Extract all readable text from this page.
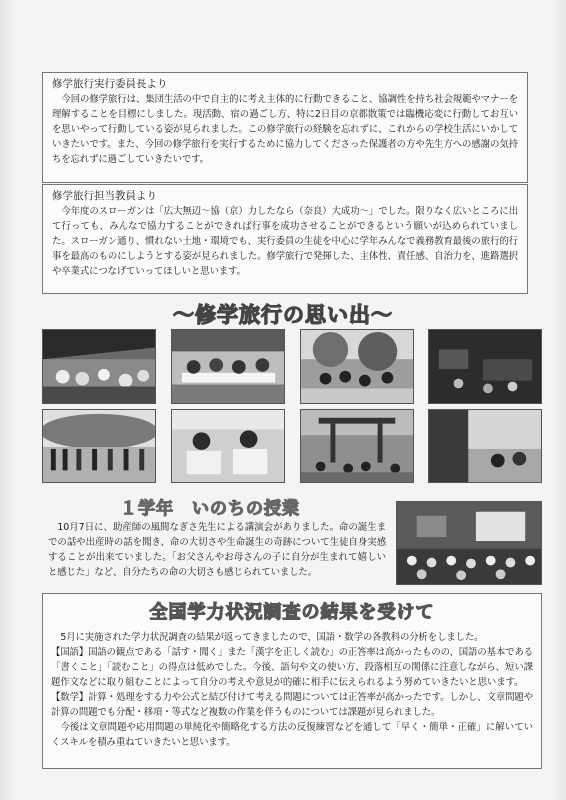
修学旅行実行委員長より
今回の修学旅行は、集団生活の中で自主的に考え主体的に行動できること、協調性を持ち社会規範やマナーを理解することを目標にしました。現活動、宿の過ごし方、特に2日目の京都散策では臨機応変に行動してお互いを思いやって行動している姿が見られました。この修学旅行の経験を忘れずに、これからの学校生活にいかしていきたいです。また、今回の修学旅行を実行するために協力してくださった保護者の方や先生方への感謝の気持ちを忘れずに過ごしていきたいです。
修学旅行担当教員より
今年度のスローガンは「広大無辺～協（京）力したなら（奈良）大成功～」でした。限りなく広いところに出て行っても、みんなで協力することができれば行事を成功させることができるという願いが込められていました。スローガン通り、慣れない土地・環境でも、実行委員の生徒を中心に学年みんなで義務教育最後の旅行的行事を最高のものにしようとする姿が見られました。修学旅行で発揮した、主体性、責任感、自治力を、進路選択や卒業式につなげていってほしいと思います。
～修学旅行の思い出～
１学年　いのちの授業
10月7日に、助産師の風間なぎさ先生による講演会がありました。命の誕生までの話や出産時の話を聞き、命の大切さや生命誕生の奇跡について生徒自身実感することが出来ていました。「お父さんやお母さんの子に自分が生まれて嬉しいと感じた」など、自分たちの命の大切さも感じられていました。
全国学力状況調査の結果を受けて
5月に実施された学力状況調査の結果が返ってきましたので、国語・数学の各教科の分析をしました。
【国語】国語の観点である「話す・聞く」また「漢字を正しく読む」の正答率は高かったものの、国語の基本である「書くこと」「読むこと」の得点は低めでした。今後、語句や文の使い方、段落相互の関係に注意しながら、短い課題作文などに取り組むことによって自分の考えや意見が的確に相手に伝えられるよう努めていきたいと思います。
【数学】計算・処理をする力や公式と結び付けて考える問題については正答率が高かったです。しかし、文章問題や計算の問題でも分配・移項・等式など複数の作業を伴うものについては課題が見られました。
今後は文章問題や応用問題の単純化や簡略化する方法の反復練習などを通して「早く・簡単・正確」に解いていくスキルを積み重ねていきたいと思います。
